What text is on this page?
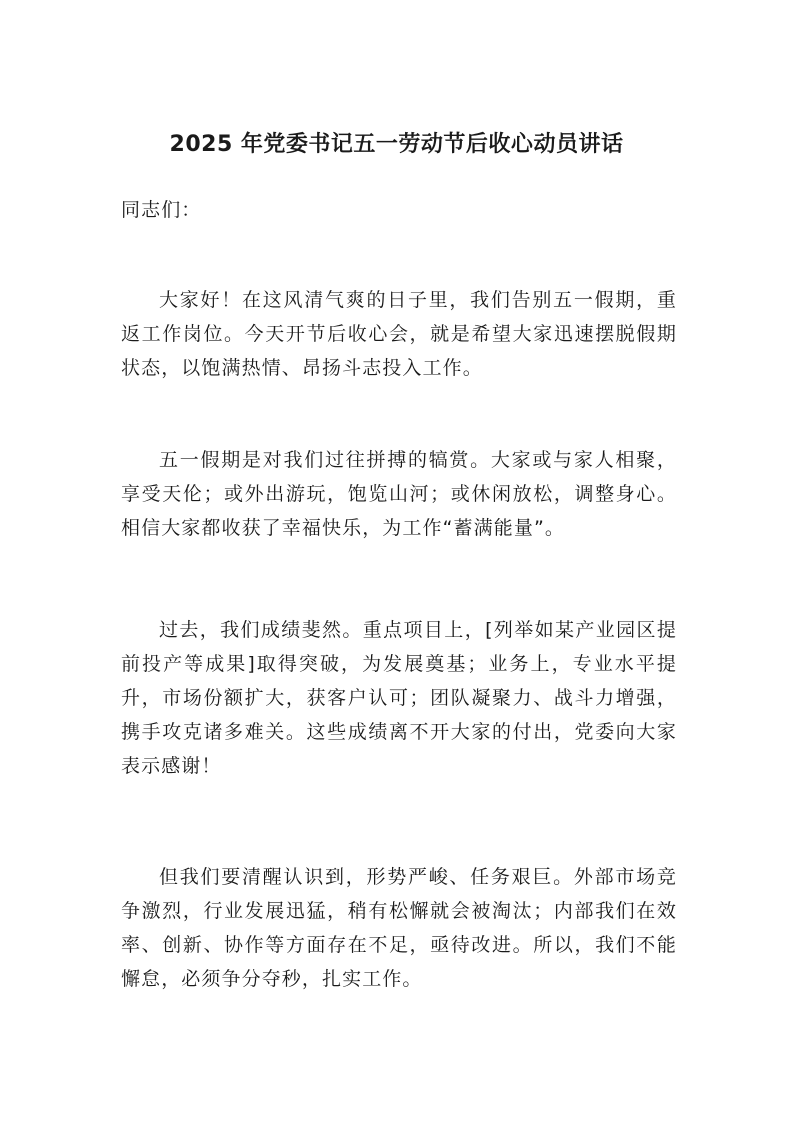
2025 年党委书记五一劳动节后收心动员讲话
同志们：

大家好！在这风清气爽的日子里，我们告别五一假期，重返工作岗位。今天开节后收心会，就是希望大家迅速摆脱假期状态，以饱满热情、昂扬斗志投入工作。

五一假期是对我们过往拼搏的犒赏。大家或与家人相聚，享受天伦；或外出游玩，饱览山河；或休闲放松，调整身心。相信大家都收获了幸福快乐，为工作“蓄满能量”。

过去，我们成绩斐然。重点项目上，[列举如某产业园区提前投产等成果]取得突破，为发展奠基；业务上，专业水平提升，市场份额扩大，获客户认可；团队凝聚力、战斗力增强，携手攻克诸多难关。这些成绩离不开大家的付出，党委向大家表示感谢！

但我们要清醒认识到，形势严峻、任务艰巨。外部市场竞争激烈，行业发展迅猛，稍有松懈就会被淘汰；内部我们在效率、创新、协作等方面存在不足，亟待改进。所以，我们不能懈怠，必须争分夺秒，扎实工作。
